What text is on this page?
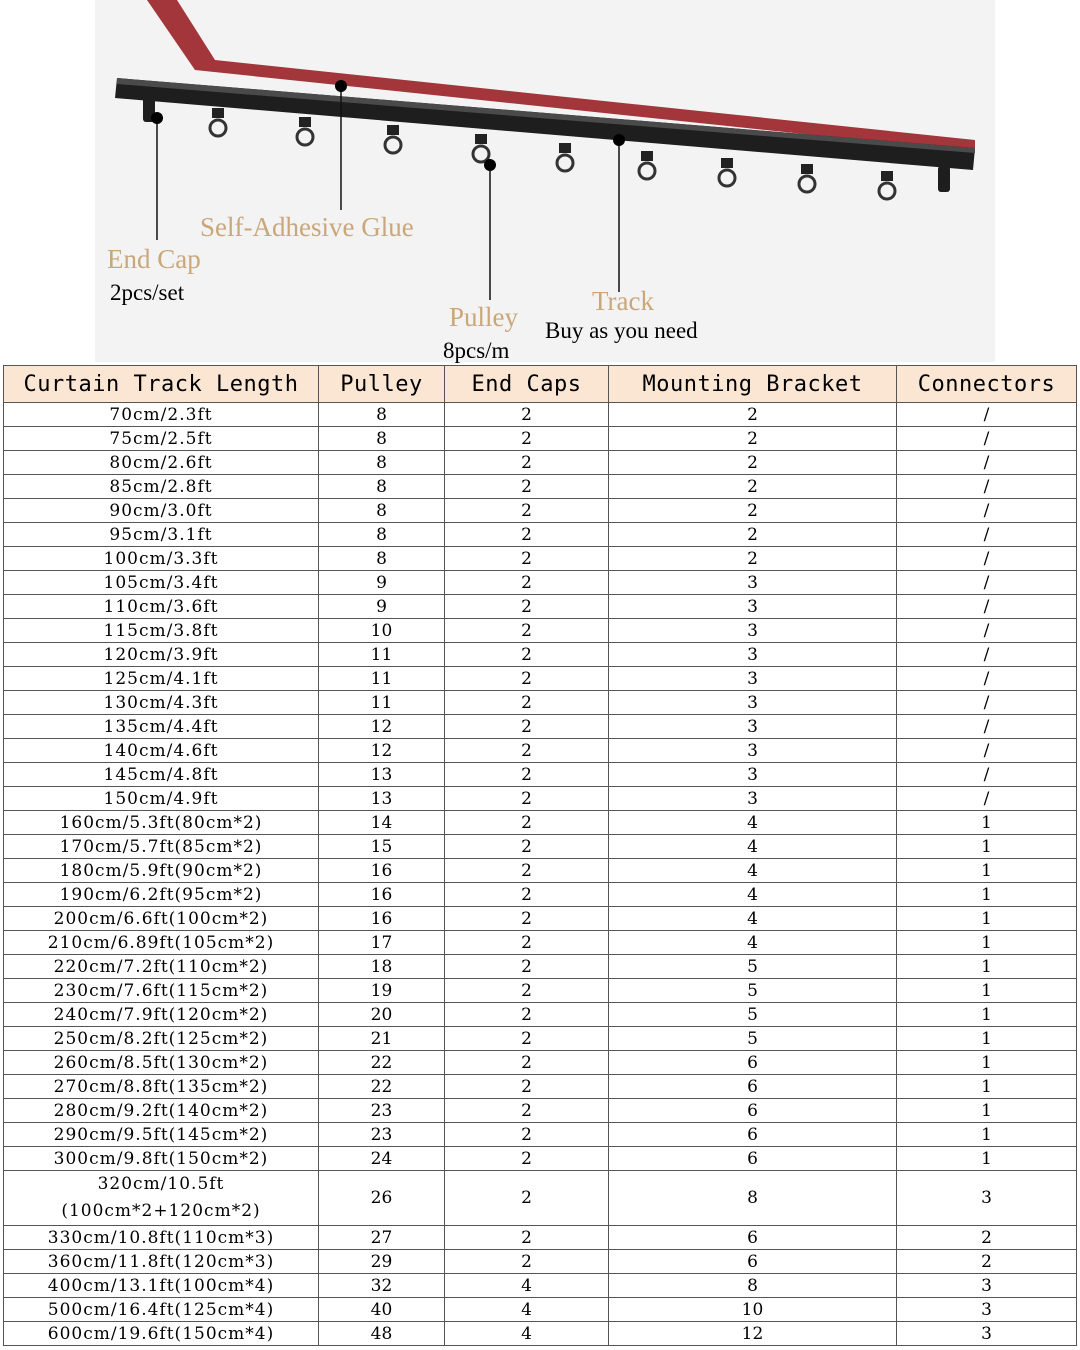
Self-Adhesive Glue
End Cap
2pcs/set	Track
Pulley Buy as you need
8pcs/m
Curtain Track Length	Pulley	End Caps	Mounting Bracket	Connectors
70cm/2.3ft	8	2	2	/
75cm/2.5ft	8	2	2	/
80cm/2.6ft	8	2	2	/
85cm/2.8ft	8	2	2	/
90cm/3.0ft	8	2	2	/
95cm/3.1ft	8	2	2	/
100cm/3.3ft	8	2	2	/
105cm/3.4ft	9	2	3	/
110cm/3.6ft	9	2	3	/
115cm/3.8ft	10	2	3	/
120cm/3.9ft	11	2	3	/
125cm/4.1ft	11	2	3	/
130cm/4.3ft	11	2	3	/
135cm/4.4ft	12	2	3	/
140cm/4.6ft	12	2	3	/
145cm/4.8ft	13	2	3	/
150cm/4.9ft	13	2	3	/
160cm/5.3ft(80cm*2)	14	2	4	1
170cm/5.7ft(85cm*2)	15	2	4	1
180cm/5.9ft(90cm*2)	16	2	4	1
190cm/6.2ft(95cm*2)	16	2	4	1
200cm/6.6ft(100cm*2)	16	2	4	1
210cm/6.89ft(105cm*2)	17	2	4	1
220cm/7.2ft(110cm*2)	18	2	5	1
230cm/7.6ft(115cm*2)	19	2	5	1
240cm/7.9ft(120cm*2)	20	2	5	1
250cm/8.2ft(125cm*2)	21	2	5	1
260cm/8.5ft(130cm*2)	22	2	6	1
270cm/8.8ft(135cm*2)	22	2	6	1
280cm/9.2ft(140cm*2)	23	2	6	1
290cm/9.5ft(145cm*2)	23	2	6	1
300cm/9.8ft(150cm*2)	24	2	6	1
320cm/10.5ft (100cm*2+120cm*2)	26	2	8	3
330cm/10.8ft(110cm*3)	27	2	6	2
360cm/11.8ft(120cm*3)	29	2	6	2
400cm/13.1ft(100cm*4)	32	4	8	3
500cm/16.4ft(125cm*4)	40	4	10	3
600cm/19.6ft(150cm*4)	48	4	12	3
